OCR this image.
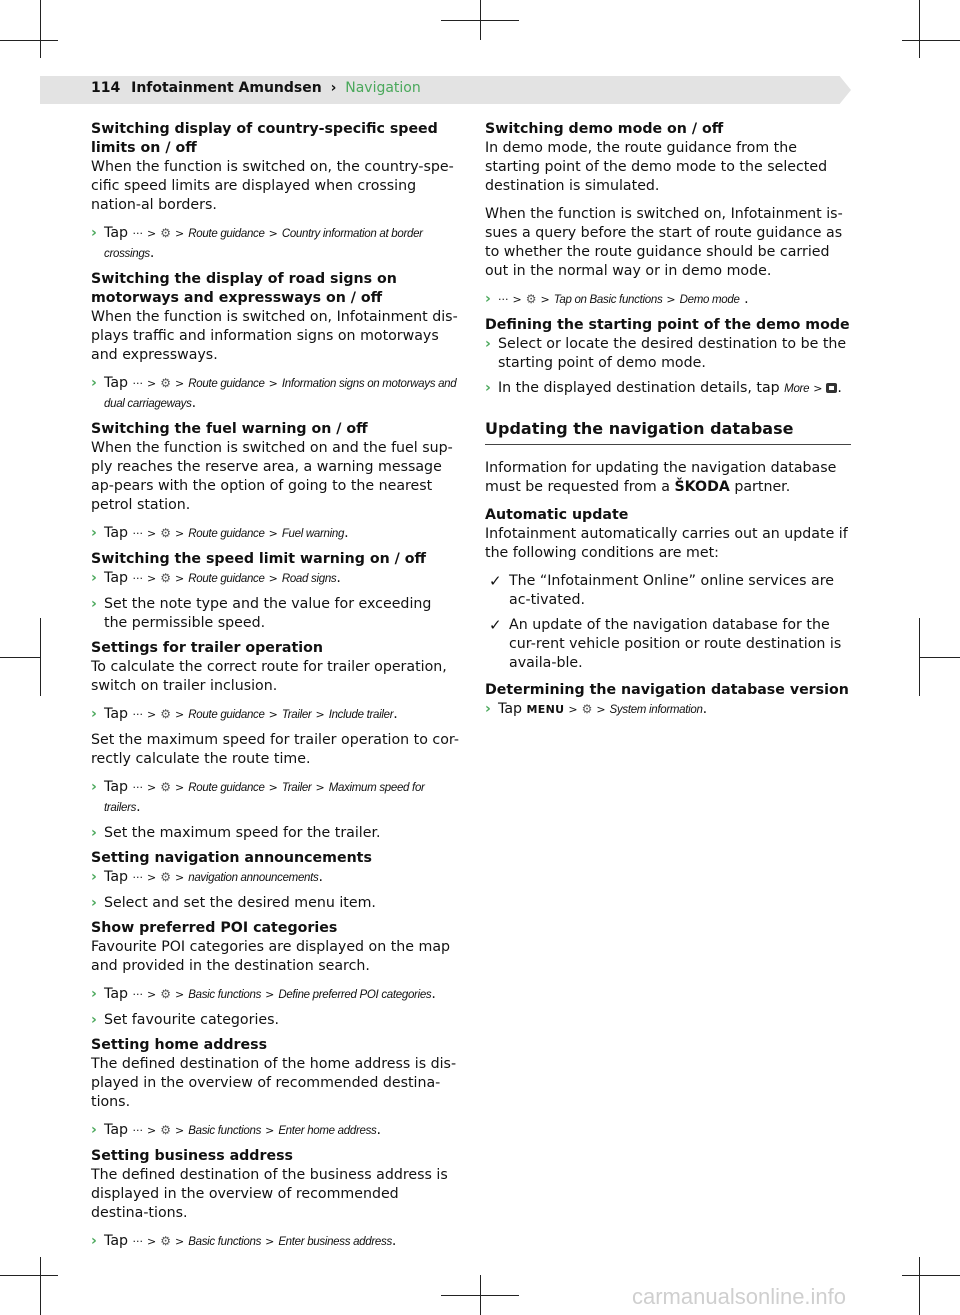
114 Infotainment Amundsen › Navigation
Switching display of country-specific speed limits on / off
When the function is switched on, the country-spe-cific speed limits are displayed when crossing nation-al borders.
› Tap ··· > ⚙ > Route guidance > Country information at border crossings.
Switching the display of road signs on motorways and expressways on / off
When the function is switched on, Infotainment dis-plays traffic and information signs on motorways and expressways.
› Tap ··· > ⚙ > Route guidance > Information signs on motorways and dual carriageways.
Switching the fuel warning on / off
When the function is switched on and the fuel sup-ply reaches the reserve area, a warning message ap-pears with the option of going to the nearest petrol station.
› Tap ··· > ⚙ > Route guidance > Fuel warning.
Switching the speed limit warning on / off
› Tap ··· > ⚙ > Route guidance > Road signs.
› Set the note type and the value for exceeding the permissible speed.
Settings for trailer operation
To calculate the correct route for trailer operation, switch on trailer inclusion.
› Tap ··· > ⚙ > Route guidance > Trailer > Include trailer.
Set the maximum speed for trailer operation to cor-rectly calculate the route time.
› Tap ··· > ⚙ > Route guidance > Trailer > Maximum speed for trailers.
› Set the maximum speed for the trailer.
Setting navigation announcements
› Tap ··· > ⚙ > navigation announcements.
› Select and set the desired menu item.
Show preferred POI categories
Favourite POI categories are displayed on the map and provided in the destination search.
› Tap ··· > ⚙ > Basic functions > Define preferred POI categories.
› Set favourite categories.
Setting home address
The defined destination of the home address is dis-played in the overview of recommended destina-tions.
› Tap ··· > ⚙ > Basic functions > Enter home address.
Setting business address
The defined destination of the business address is displayed in the overview of recommended destina-tions.
› Tap ··· > ⚙ > Basic functions > Enter business address.
Switching demo mode on / off
In demo mode, the route guidance from the starting point of the demo mode to the selected destination is simulated.
When the function is switched on, Infotainment is-sues a query before the start of route guidance as to whether the route guidance should be carried out in the normal way or in demo mode.
› ··· > ⚙ > Tap on Basic functions > Demo mode .
Defining the starting point of the demo mode
› Select or locate the desired destination to be the starting point of demo mode.
› In the displayed destination details, tap More > .
Updating the navigation database
Information for updating the navigation database must be requested from a ŠKODA partner.
Automatic update
Infotainment automatically carries out an update if the following conditions are met:
✓ The “Infotainment Online” online services are ac-tivated.
✓ An update of the navigation database for the cur-rent vehicle position or route destination is availa-ble.
Determining the navigation database version
› Tap MENU > ⚙ > System information.
carmanualsonline.info
